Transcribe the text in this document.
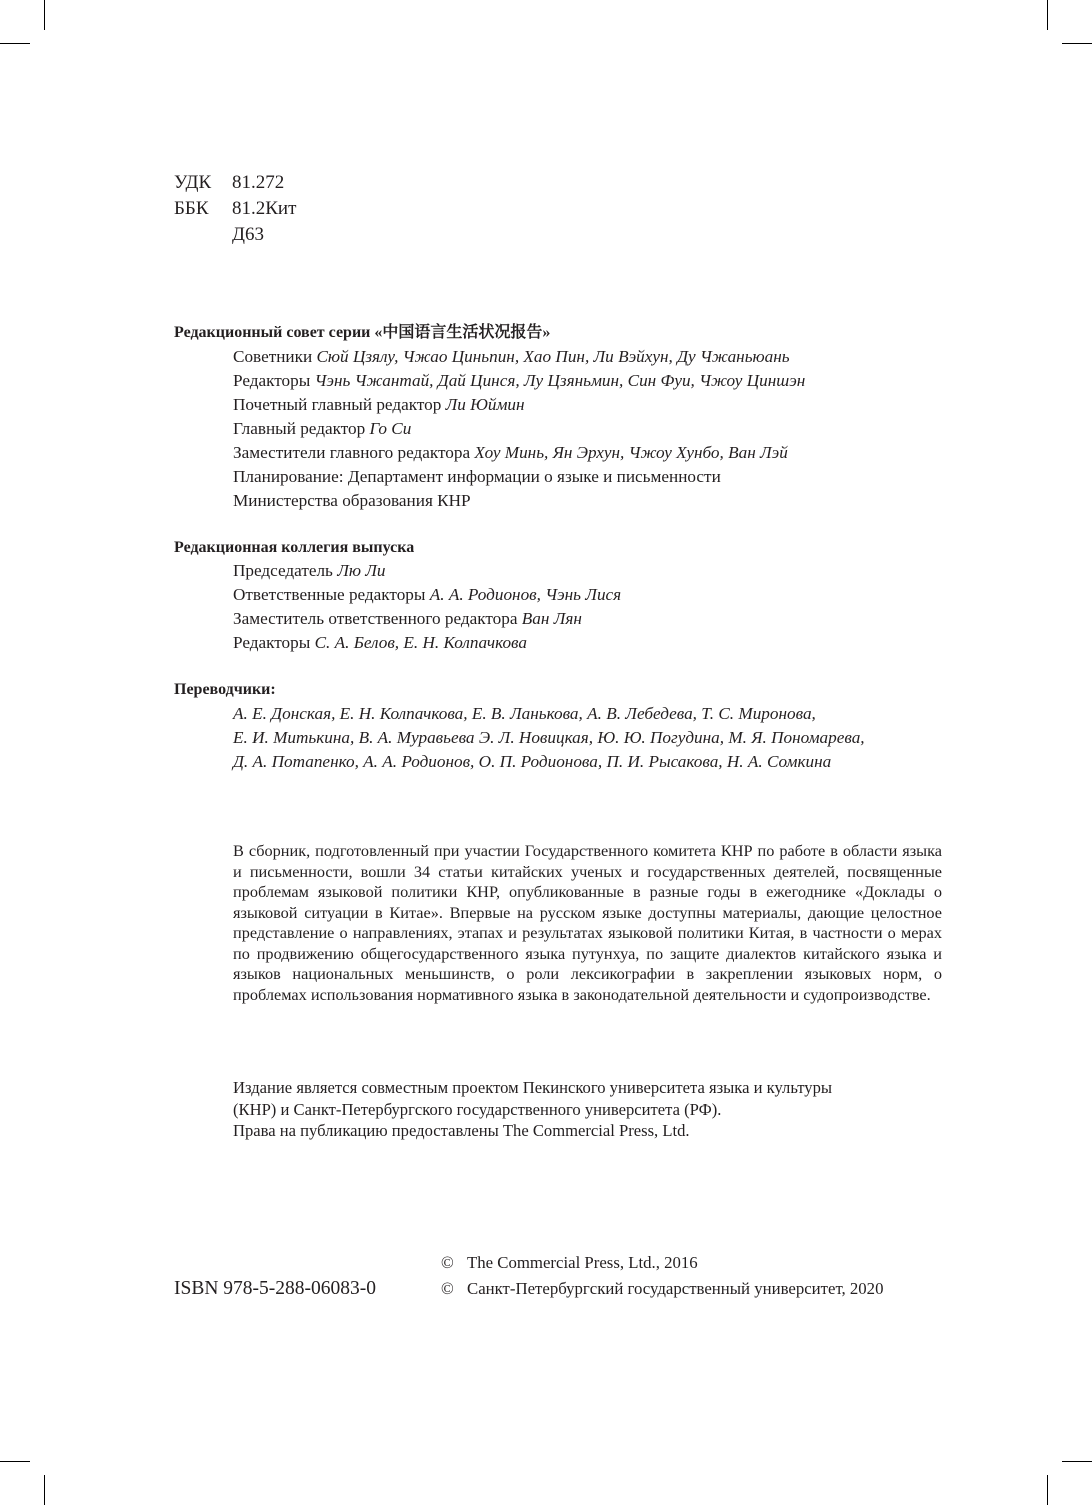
УДК 81.272
ББК 81.2Кит
Д63
Редакционный совет серии «中国语言生活状况报告»
Советники Сюй Цзялу, Чжао Циньпин, Хао Пин, Ли Вэйхун, Ду Чжаньюань
Редакторы Чэнь Чжантай, Дай Цинся, Лу Цзяньмин, Син Фуи, Чжоу Циншэн
Почетный главный редактор Ли Юймин
Главный редактор Го Си
Заместители главного редактора Хоу Минь, Ян Эрхун, Чжоу Хунбо, Ван Лэй
Планирование: Департамент информации о языке и письменности
Министерства образования КНР
Редакционная коллегия выпуска
Председатель Лю Ли
Ответственные редакторы А. А. Родионов, Чэнь Лися
Заместитель ответственного редактора Ван Лян
Редакторы С. А. Белов, Е. Н. Колпачкова
Переводчики:
А. Е. Донская, Е. Н. Колпачкова, Е. В. Ланькова, А. В. Лебедева, Т. С. Миронова,
Е. И. Митькина, В. А. Муравьева Э. Л. Новицкая, Ю. Ю. Погудина, М. Я. Пономарева,
Д. А. Потапенко, А. А. Родионов, О. П. Родионова, П. И. Рысакова, Н. А. Сомкина
В сборник, подготовленный при участии Государственного комитета КНР по работе в области языка и письменности, вошли 34 статьи китайских ученых и государственных деятелей, посвященные проблемам языковой политики КНР, опубликованные в разные годы в ежегоднике «Доклады о языковой ситуации в Китае». Впервые на русском языке доступны материалы, дающие целостное представление о направлениях, этапах и результатах языковой политики Китая, в частности о мерах по продвижению общегосударственного языка путунхуа, по защите диалектов китайского языка и языков национальных меньшинств, о роли лексикографии в закреплении языковых норм, о проблемах использования нормативного языка в законодательной деятельности и судопроизводстве.
Издание является совместным проектом Пекинского университета языка и культуры
(КНР) и Санкт-Петербургского государственного университета (РФ).
Права на публикацию предоставлены The Commercial Press, Ltd.
© The Commercial Press, Ltd., 2016
© Санкт-Петербургский государственный университет, 2020
ISBN 978-5-288-06083-0
